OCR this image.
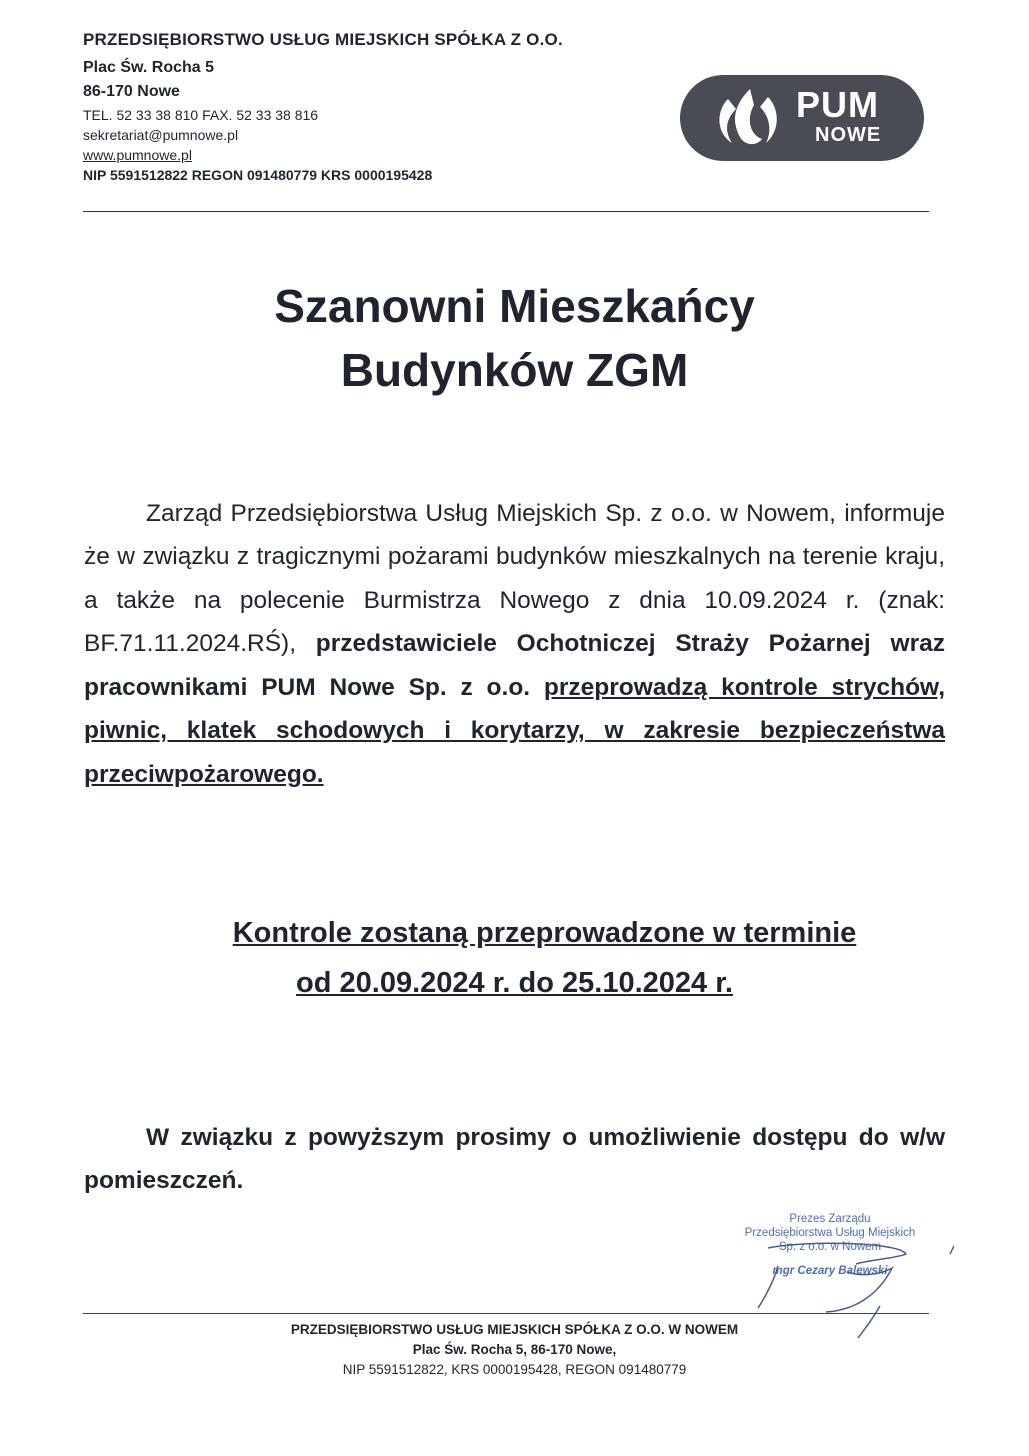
PRZEDSIĘBIORSTWO USŁUG MIEJSKICH SPÓŁKA Z O.O.

Plac Św. Rocha 5

86-170 Nowe

TEL. 52 33 38 810 FAX. 52 33 38 816

sekretariat@pumnowe.pl

www.pumnowe.pl

NIP 5591512822 REGON 091480779 KRS 0000195428

PUM
NOWE
Szanowni Mieszkańcy
Budynków ZGM

Zarząd Przedsiębiorstwa Usług Miejskich Sp. z o.o. w Nowem, informuje że w związku z tragicznymi pożarami budynków mieszkalnych na terenie kraju, a także na polecenie Burmistrza Nowego z dnia 10.09.2024 r. (znak: BF.71.11.2024.RŚ), przedstawiciele Ochotniczej Straży Pożarnej wraz pracownikami PUM Nowe Sp. z o.o. przeprowadzą kontrole strychów, piwnic, klatek schodowych i korytarzy, w zakresie bezpieczeństwa przeciwpożarowego.

Kontrole zostaną przeprowadzone w terminie
od 20.09.2024 r. do 25.10.2024 r.

W związku z powyższym prosimy o umożliwienie dostępu do w/w pomieszczeń.

Prezes Zarządu

Przedsiębiorstwa Usług Miejskich

Sp. z o.o. w Nowem

mgr Cezary Balewski

PRZEDSIĘBIORSTWO USŁUG MIEJSKICH SPÓŁKA Z O.O. W NOWEM

Plac Św. Rocha 5, 86-170 Nowe,

NIP 5591512822, KRS 0000195428, REGON 091480779
